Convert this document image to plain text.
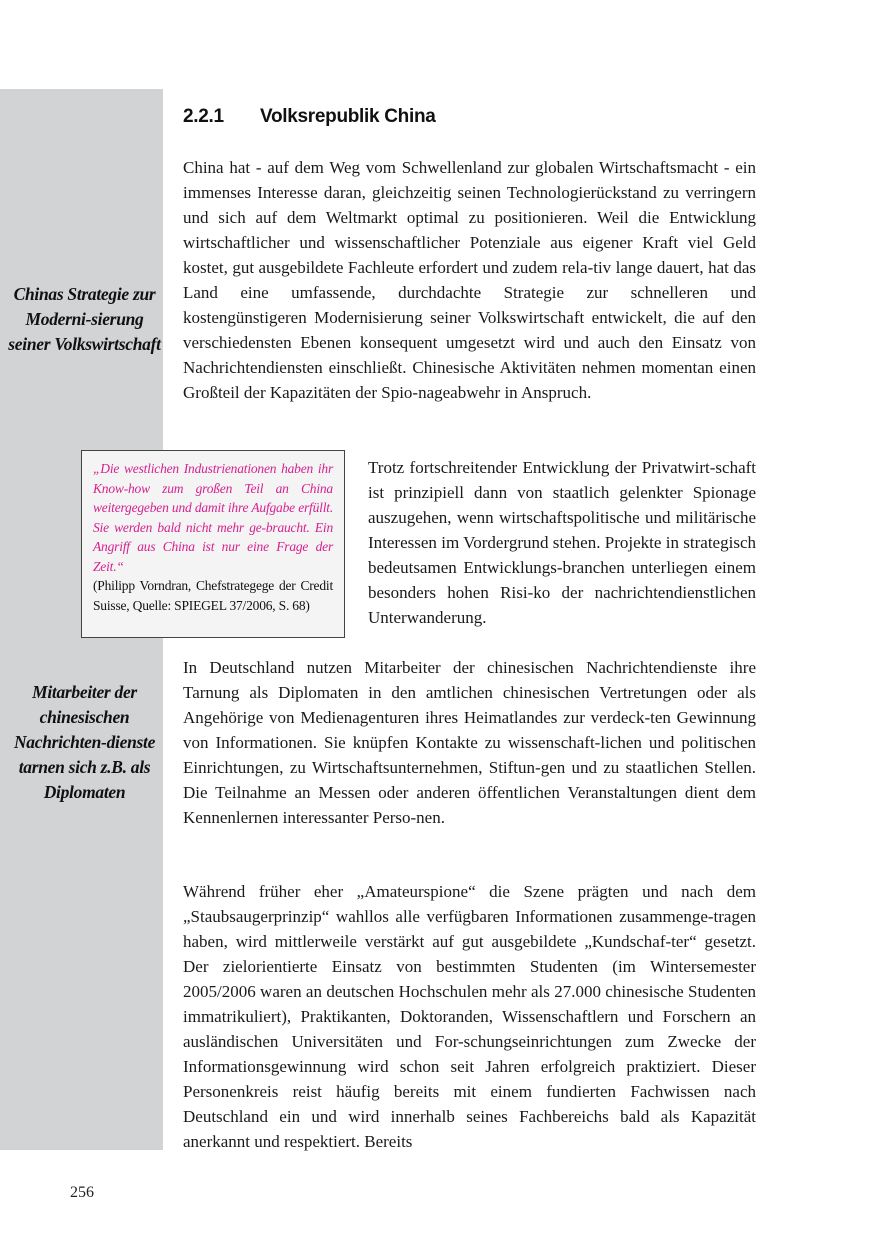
Chinas Strategie zur Moderni-sierung seiner Volkswirtschaft
Mitarbeiter der chinesischen Nachrichten-dienste tarnen sich z.B. als Diplomaten
2.2.1 Volksrepublik China

China hat - auf dem Weg vom Schwellenland zur globalen Wirtschaftsmacht - ein immenses Interesse daran, gleichzeitig seinen Technologierückstand zu verringern und sich auf dem Weltmarkt optimal zu positionieren. Weil die Entwicklung wirtschaftlicher und wissenschaftlicher Potenziale aus eigener Kraft viel Geld kostet, gut ausgebildete Fachleute erfordert und zudem rela-tiv lange dauert, hat das Land eine umfassende, durchdachte Strategie zur schnelleren und kostengünstigeren Modernisierung seiner Volkswirtschaft entwickelt, die auf den verschiedensten Ebenen konsequent umgesetzt wird und auch den Einsatz von Nachrichtendiensten einschließt. Chinesische Aktivitäten nehmen momentan einen Großteil der Kapazitäten der Spio-nageabwehr in Anspruch.

„Die westlichen Industrienationen haben ihr Know-how zum großen Teil an China weitergegeben und damit ihre Aufgabe erfüllt. Sie werden bald nicht mehr ge-braucht. Ein Angriff aus China ist nur eine Frage der Zeit.“

(Philipp Vorndran, Chefstrategege der Credit Suisse, Quelle: SPIEGEL 37/2006, S. 68)

Trotz fortschreitender Entwicklung der Privatwirt-schaft ist prinzipiell dann von staatlich gelenkter Spionage auszugehen, wenn wirtschaftspolitische und militärische Interessen im Vordergrund stehen. Projekte in strategisch bedeutsamen Entwicklungs-branchen unterliegen einem besonders hohen Risi-ko der nachrichtendienstlichen Unterwanderung.

In Deutschland nutzen Mitarbeiter der chinesischen Nachrichtendienste ihre Tarnung als Diplomaten in den amtlichen chinesischen Vertretungen oder als Angehörige von Medienagenturen ihres Heimatlandes zur verdeck-ten Gewinnung von Informationen. Sie knüpfen Kontakte zu wissenschaft-lichen und politischen Einrichtungen, zu Wirtschaftsunternehmen, Stiftun-gen und zu staatlichen Stellen. Die Teilnahme an Messen oder anderen öffentlichen Veranstaltungen dient dem Kennenlernen interessanter Perso-nen.

Während früher eher „Amateurspione“ die Szene prägten und nach dem „Staubsaugerprinzip“ wahllos alle verfügbaren Informationen zusammenge-tragen haben, wird mittlerweile verstärkt auf gut ausgebildete „Kundschaf-ter“ gesetzt. Der zielorientierte Einsatz von bestimmten Studenten (im Wintersemester 2005/2006 waren an deutschen Hochschulen mehr als 27.000 chinesische Studenten immatrikuliert), Praktikanten, Doktoranden, Wissenschaftlern und Forschern an ausländischen Universitäten und For-schungseinrichtungen zum Zwecke der Informationsgewinnung wird schon seit Jahren erfolgreich praktiziert. Dieser Personenkreis reist häufig bereits mit einem fundierten Fachwissen nach Deutschland ein und wird innerhalb seines Fachbereichs bald als Kapazität anerkannt und respektiert. Bereits

256
